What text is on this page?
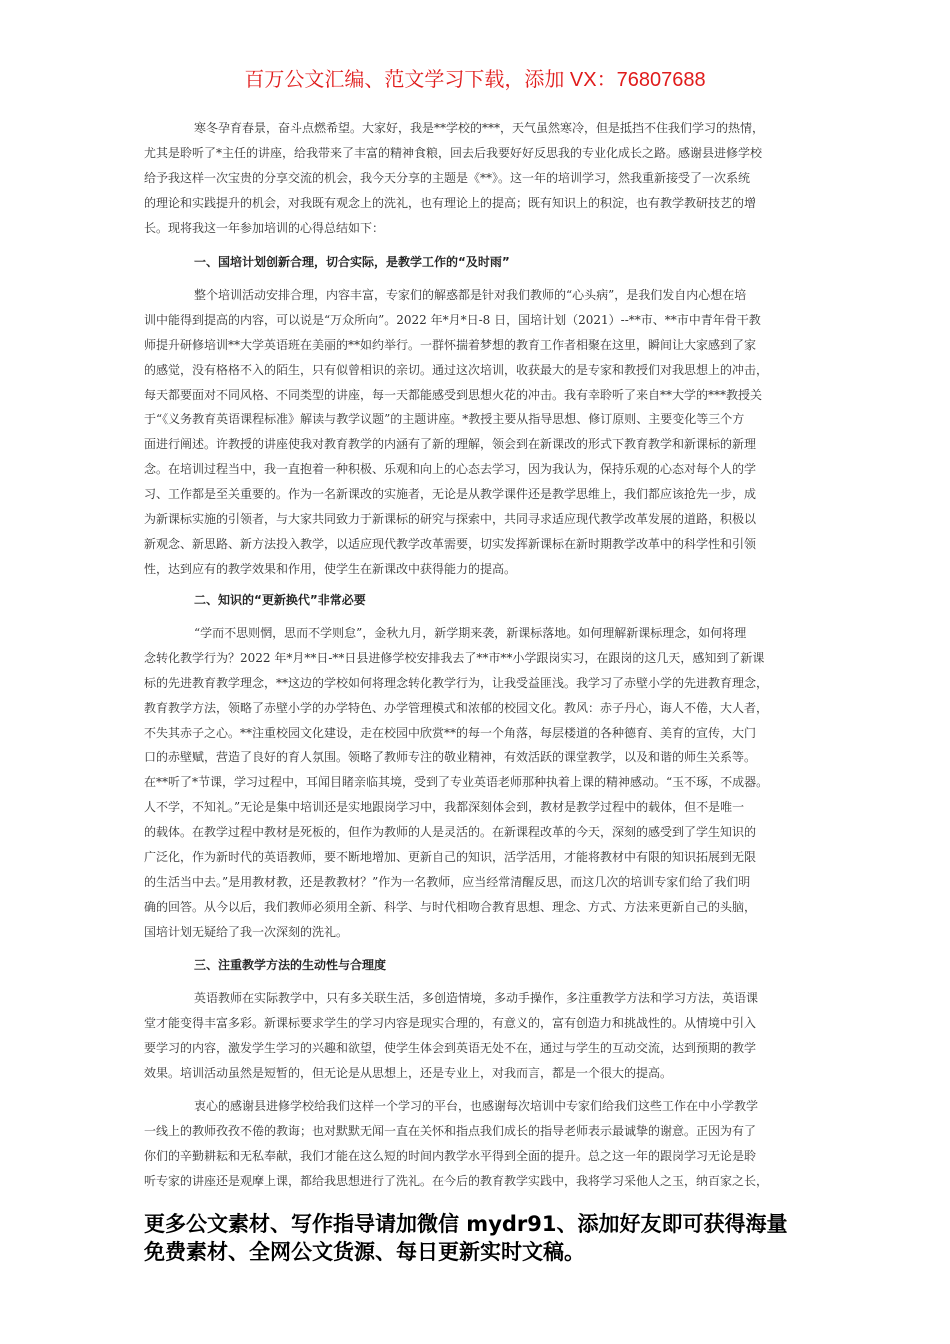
百万公文汇编、范文学习下载，添加 VX：76807688
寒冬孕育春景，奋斗点燃希望。大家好，我是**学校的***，天气虽然寒冷，但是抵挡不住我们学习的热情，
尤其是聆听了*主任的讲座，给我带来了丰富的精神食粮，回去后我要好好反思我的专业化成长之路。感谢县进修学校
给予我这样一次宝贵的分享交流的机会，我今天分享的主题是《**》。这一年的培训学习，然我重新接受了一次系统
的理论和实践提升的机会，对我既有观念上的洗礼，也有理论上的提高；既有知识上的积淀，也有教学教研技艺的增
长。现将我这一年参加培训的心得总结如下：
一、国培计划创新合理，切合实际，是教学工作的“及时雨”
整个培训活动安排合理，内容丰富，专家们的解惑都是针对我们教师的“心头病”，是我们发自内心想在培
训中能得到提高的内容，可以说是“万众所向”。2022 年*月*日-8 日，国培计划（2021）--**市、**市中青年骨干教
师提升研修培训**大学英语班在美丽的**如约举行。一群怀揣着梦想的教育工作者相聚在这里，瞬间让大家感到了家
的感觉，没有格格不入的陌生，只有似曾相识的亲切。通过这次培训，收获最大的是专家和教授们对我思想上的冲击，
每天都要面对不同风格、不同类型的讲座，每一天都能感受到思想火花的冲击。我有幸聆听了来自**大学的***教授关
于“《义务教育英语课程标准》解读与教学议题”的主题讲座。*教授主要从指导思想、修订原则、主要变化等三个方
面进行阐述。许教授的讲座使我对教育教学的内涵有了新的理解，领会到在新课改的形式下教育教学和新课标的新理
念。在培训过程当中，我一直抱着一种积极、乐观和向上的心态去学习，因为我认为，保持乐观的心态对每个人的学
习、工作都是至关重要的。作为一名新课改的实施者，无论是从教学课件还是教学思维上，我们都应该抢先一步，成
为新课标实施的引领者，与大家共同致力于新课标的研究与探索中，共同寻求适应现代教学改革发展的道路，积极以
新观念、新思路、新方法投入教学，以适应现代教学改革需要，切实发挥新课标在新时期教学改革中的科学性和引领
性，达到应有的教学效果和作用，使学生在新课改中获得能力的提高。
二、知识的“更新换代”非常必要
“学而不思则惘，思而不学则怠”，金秋九月，新学期来袭，新课标落地。如何理解新课标理念，如何将理
念转化教学行为？2022 年*月**日-**日县进修学校安排我去了**市**小学跟岗实习，在跟岗的这几天，感知到了新课
标的先进教育教学理念，**这边的学校如何将理念转化教学行为，让我受益匪浅。我学习了赤壁小学的先进教育理念，
教育教学方法，领略了赤壁小学的办学特色、办学管理模式和浓郁的校园文化。教风：赤子丹心，诲人不倦，大人者，
不失其赤子之心。**注重校园文化建设，走在校园中欣赏**的每一个角落，每层楼道的各种德育、美育的宣传，大门
口的赤壁赋，营造了良好的育人氛围。领略了教师专注的敬业精神，有效活跃的课堂教学，以及和谐的师生关系等。
在**听了*节课，学习过程中，耳闻目睹亲临其境，受到了专业英语老师那种执着上课的精神感动。“玉不琢，不成器。
人不学，不知礼。”无论是集中培训还是实地跟岗学习中，我都深刻体会到，教材是教学过程中的载体，但不是唯一
的载体。在教学过程中教材是死板的，但作为教师的人是灵活的。在新课程改革的今天，深刻的感受到了学生知识的
广泛化，作为新时代的英语教师，要不断地增加、更新自己的知识，活学活用，才能将教材中有限的知识拓展到无限
的生活当中去。”是用教材教，还是教教材？”作为一名教师，应当经常清醒反思，而这几次的培训专家们给了我们明
确的回答。从今以后，我们教师必须用全新、科学、与时代相吻合教育思想、理念、方式、方法来更新自己的头脑，
国培计划无疑给了我一次深刻的洗礼。
三、注重教学方法的生动性与合理度
英语教师在实际教学中，只有多关联生活，多创造情境，多动手操作，多注重教学方法和学习方法，英语课
堂才能变得丰富多彩。新课标要求学生的学习内容是现实合理的，有意义的，富有创造力和挑战性的。从情境中引入
要学习的内容，激发学生学习的兴趣和欲望，使学生体会到英语无处不在，通过与学生的互动交流，达到预期的教学
效果。培训活动虽然是短暂的，但无论是从思想上，还是专业上，对我而言，都是一个很大的提高。
衷心的感谢县进修学校给我们这样一个学习的平台，也感谢每次培训中专家们给我们这些工作在中小学教学
一线上的教师孜孜不倦的教诲；也对默默无闻一直在关怀和指点我们成长的指导老师表示最诚挚的谢意。正因为有了
你们的辛勤耕耘和无私奉献，我们才能在这么短的时间内教学水平得到全面的提升。总之这一年的跟岗学习无论是聆
听专家的讲座还是观摩上课，都给我思想进行了洗礼。在今后的教育教学实践中，我将学习采他人之玉，纳百家之长，
更多公文素材、写作指导请加微信 mydr91、添加好友即可获得海量
免费素材、全网公文货源、每日更新实时文稿。
